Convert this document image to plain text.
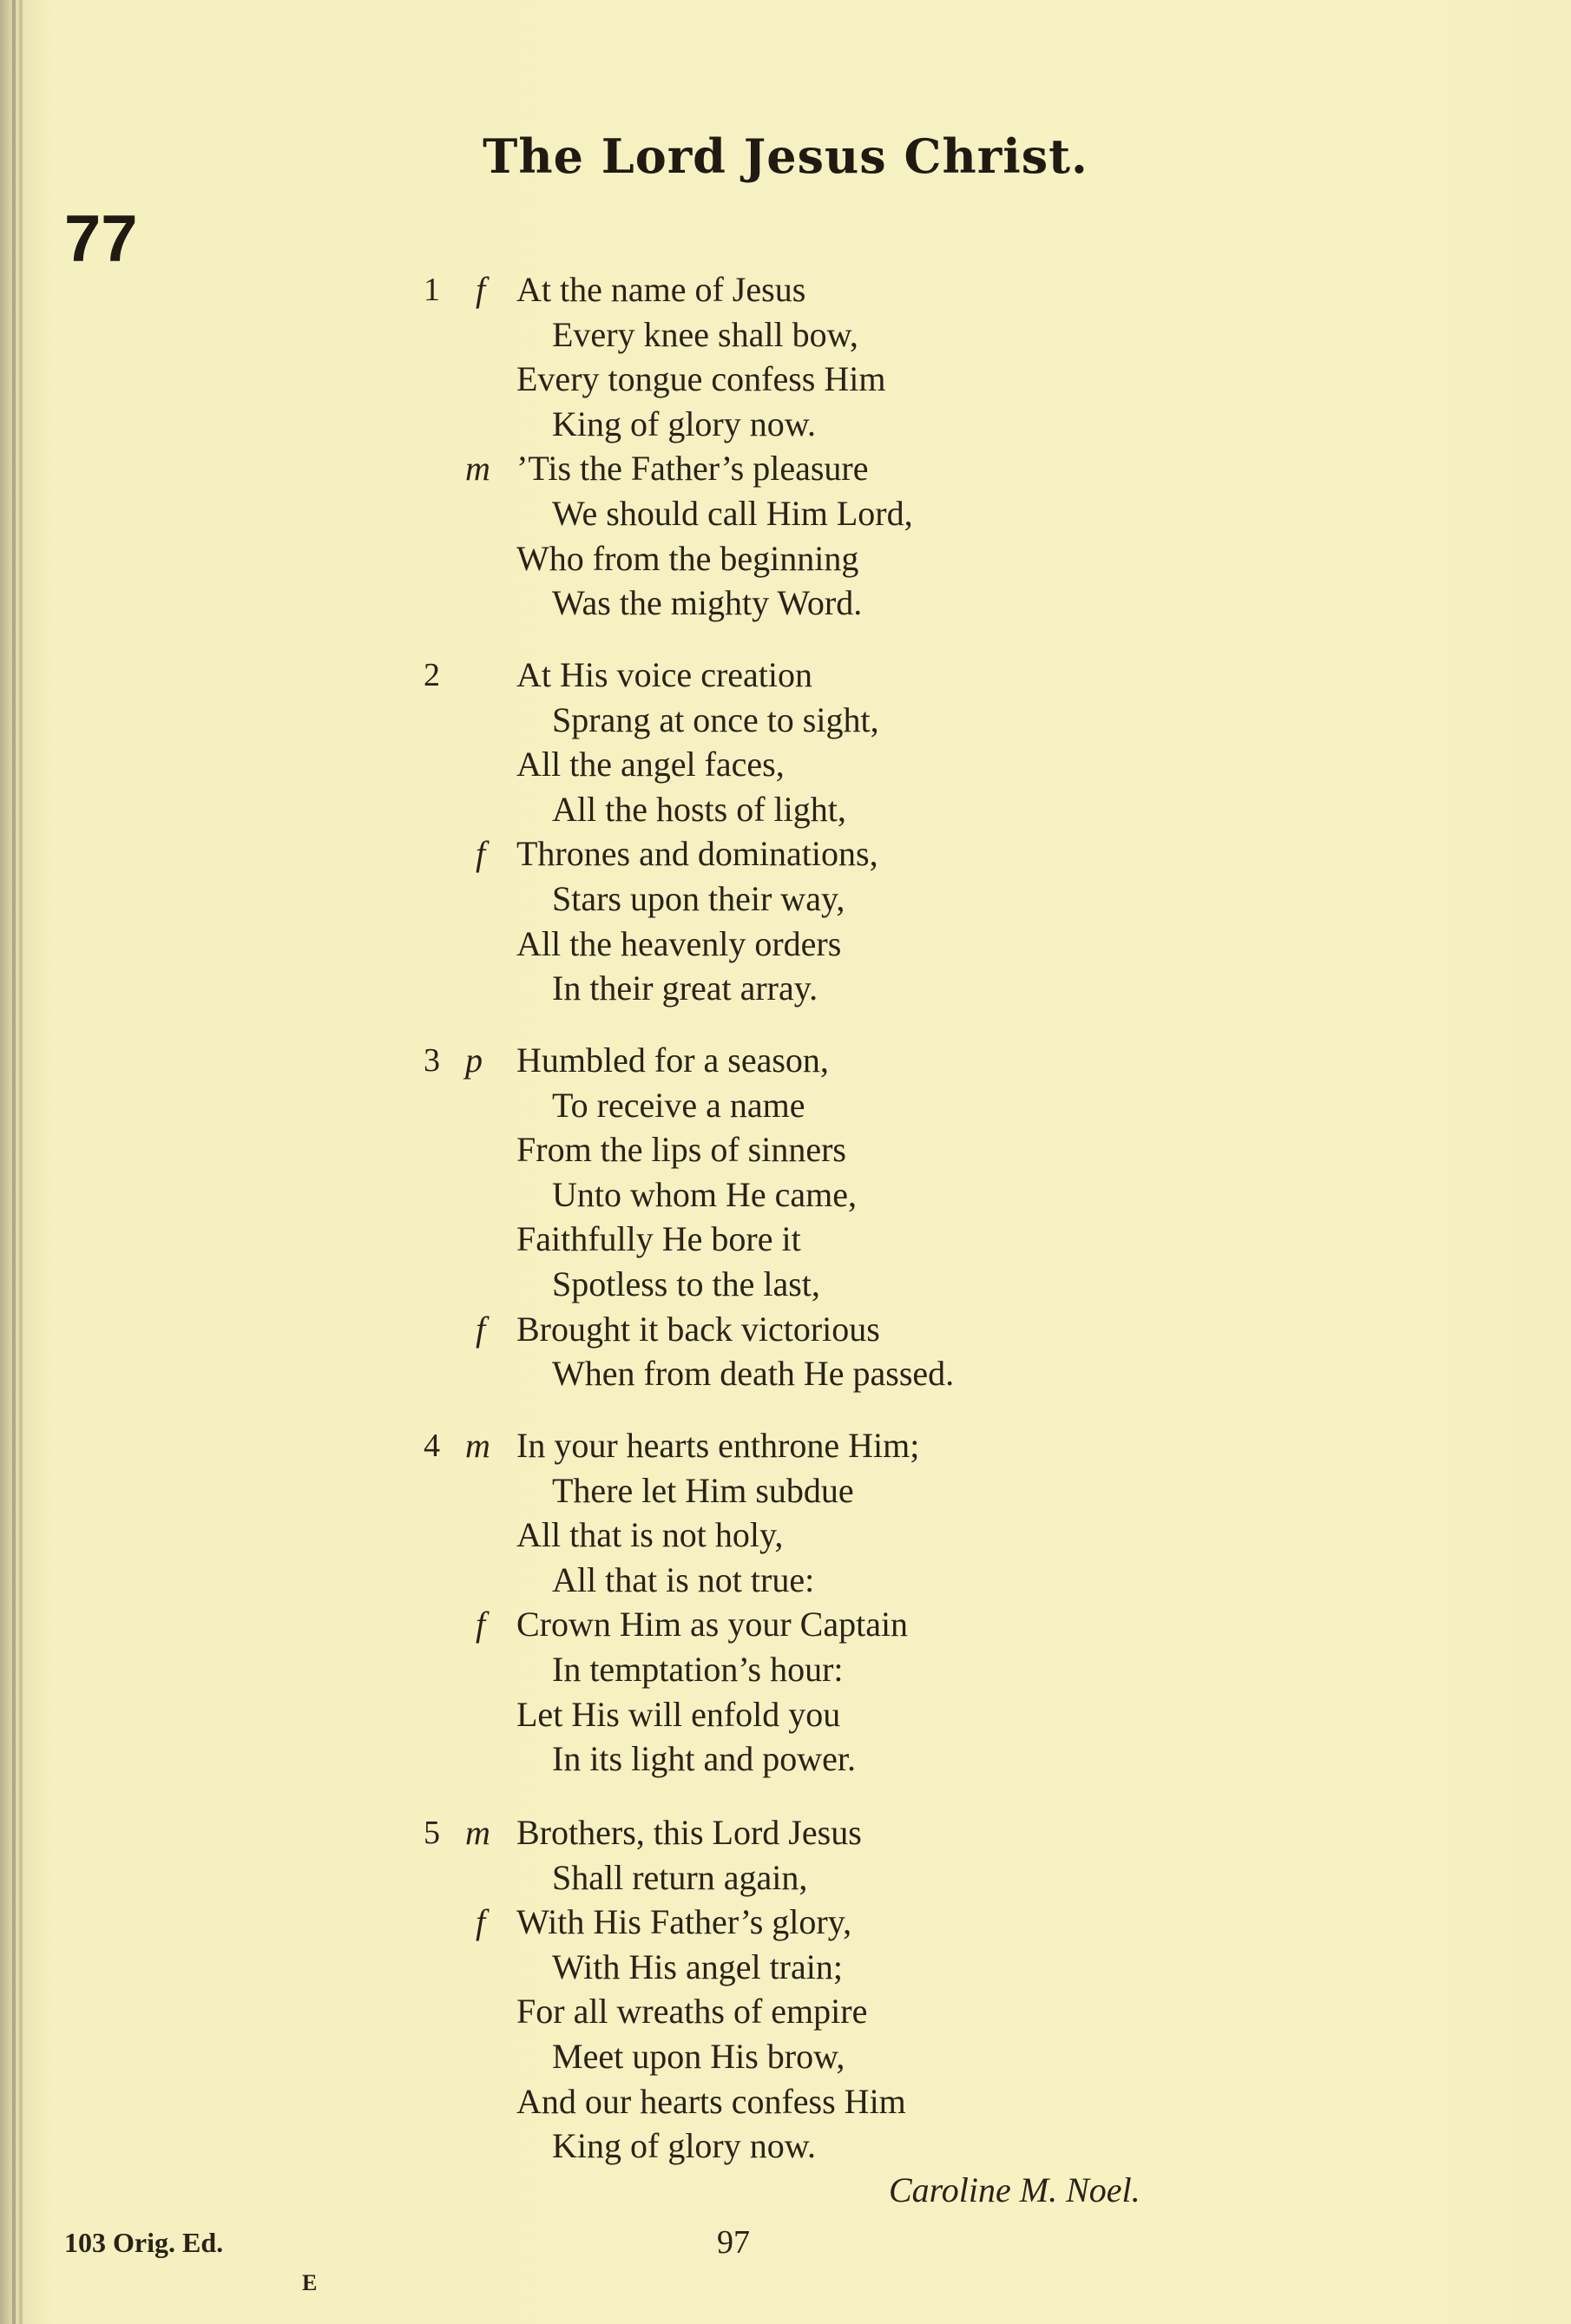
The Lord Jesus Christ.
77
1 f At the name of Jesus
Every knee shall bow,
Every tongue confess Him
King of glory now.
m ’Tis the Father’s pleasure
We should call Him Lord,
Who from the beginning
Was the mighty Word.
2 At His voice creation
Sprang at once to sight,
All the angel faces,
All the hosts of light,
f Thrones and dominations,
Stars upon their way,
All the heavenly orders
In their great array.
3 p Humbled for a season,
To receive a name
From the lips of sinners
Unto whom He came,
Faithfully He bore it
Spotless to the last,
f Brought it back victorious
When from death He passed.
4 m In your hearts enthrone Him;
There let Him subdue
All that is not holy,
All that is not true:
f Crown Him as your Captain
In temptation’s hour:
Let His will enfold you
In its light and power.
5 m Brothers, this Lord Jesus
Shall return again,
f With His Father’s glory,
With His angel train;
For all wreaths of empire
Meet upon His brow,
And our hearts confess Him
King of glory now.
Caroline M. Noel.
103 Orig. Ed.	97
E
